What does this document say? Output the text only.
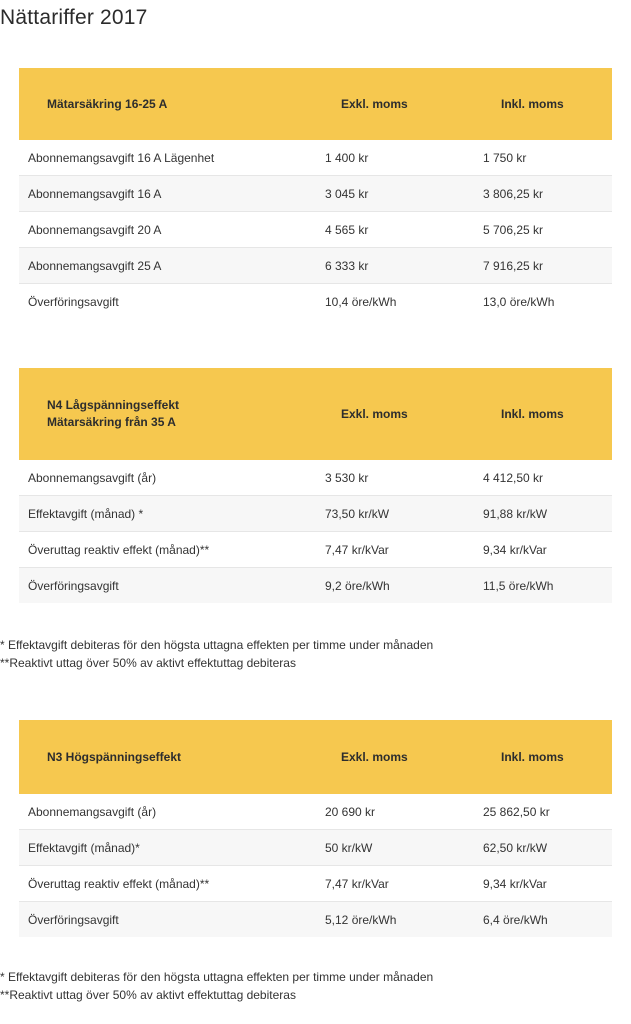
Nättariffer 2017
Mätarsäkring 16-25 A	Exkl. moms	Inkl. moms
Abonnemangsavgift 16 A Lägenhet	1 400 kr	1 750 kr
Abonnemangsavgift 16 A	3 045 kr	3 806,25 kr
Abonnemangsavgift 20 A	4 565 kr	5 706,25 kr
Abonnemangsavgift 25 A	6 333 kr	7 916,25 kr
Överföringsavgift	10,4 öre/kWh	13,0 öre/kWh
N4 Lågspänningseffekt
Mätarsäkring från 35 A	Exkl. moms	Inkl. moms
Abonnemangsavgift (år)	3 530 kr	4 412,50 kr
Effektavgift (månad) *	73,50 kr/kW	91,88 kr/kW
Överuttag reaktiv effekt (månad)**	7,47 kr/kVar	9,34 kr/kVar
Överföringsavgift	9,2 öre/kWh	11,5 öre/kWh
* Effektavgift debiteras för den högsta uttagna effekten per timme under månaden
**Reaktivt uttag över 50% av aktivt effektuttag debiteras
N3 Högspänningseffekt	Exkl. moms	Inkl. moms
Abonnemangsavgift (år)	20 690 kr	25 862,50 kr
Effektavgift (månad)*	50 kr/kW	62,50 kr/kW
Överuttag reaktiv effekt (månad)**	7,47 kr/kVar	9,34 kr/kVar
Överföringsavgift	5,12 öre/kWh	6,4 öre/kWh
* Effektavgift debiteras för den högsta uttagna effekten per timme under månaden
**Reaktivt uttag över 50% av aktivt effektuttag debiteras
